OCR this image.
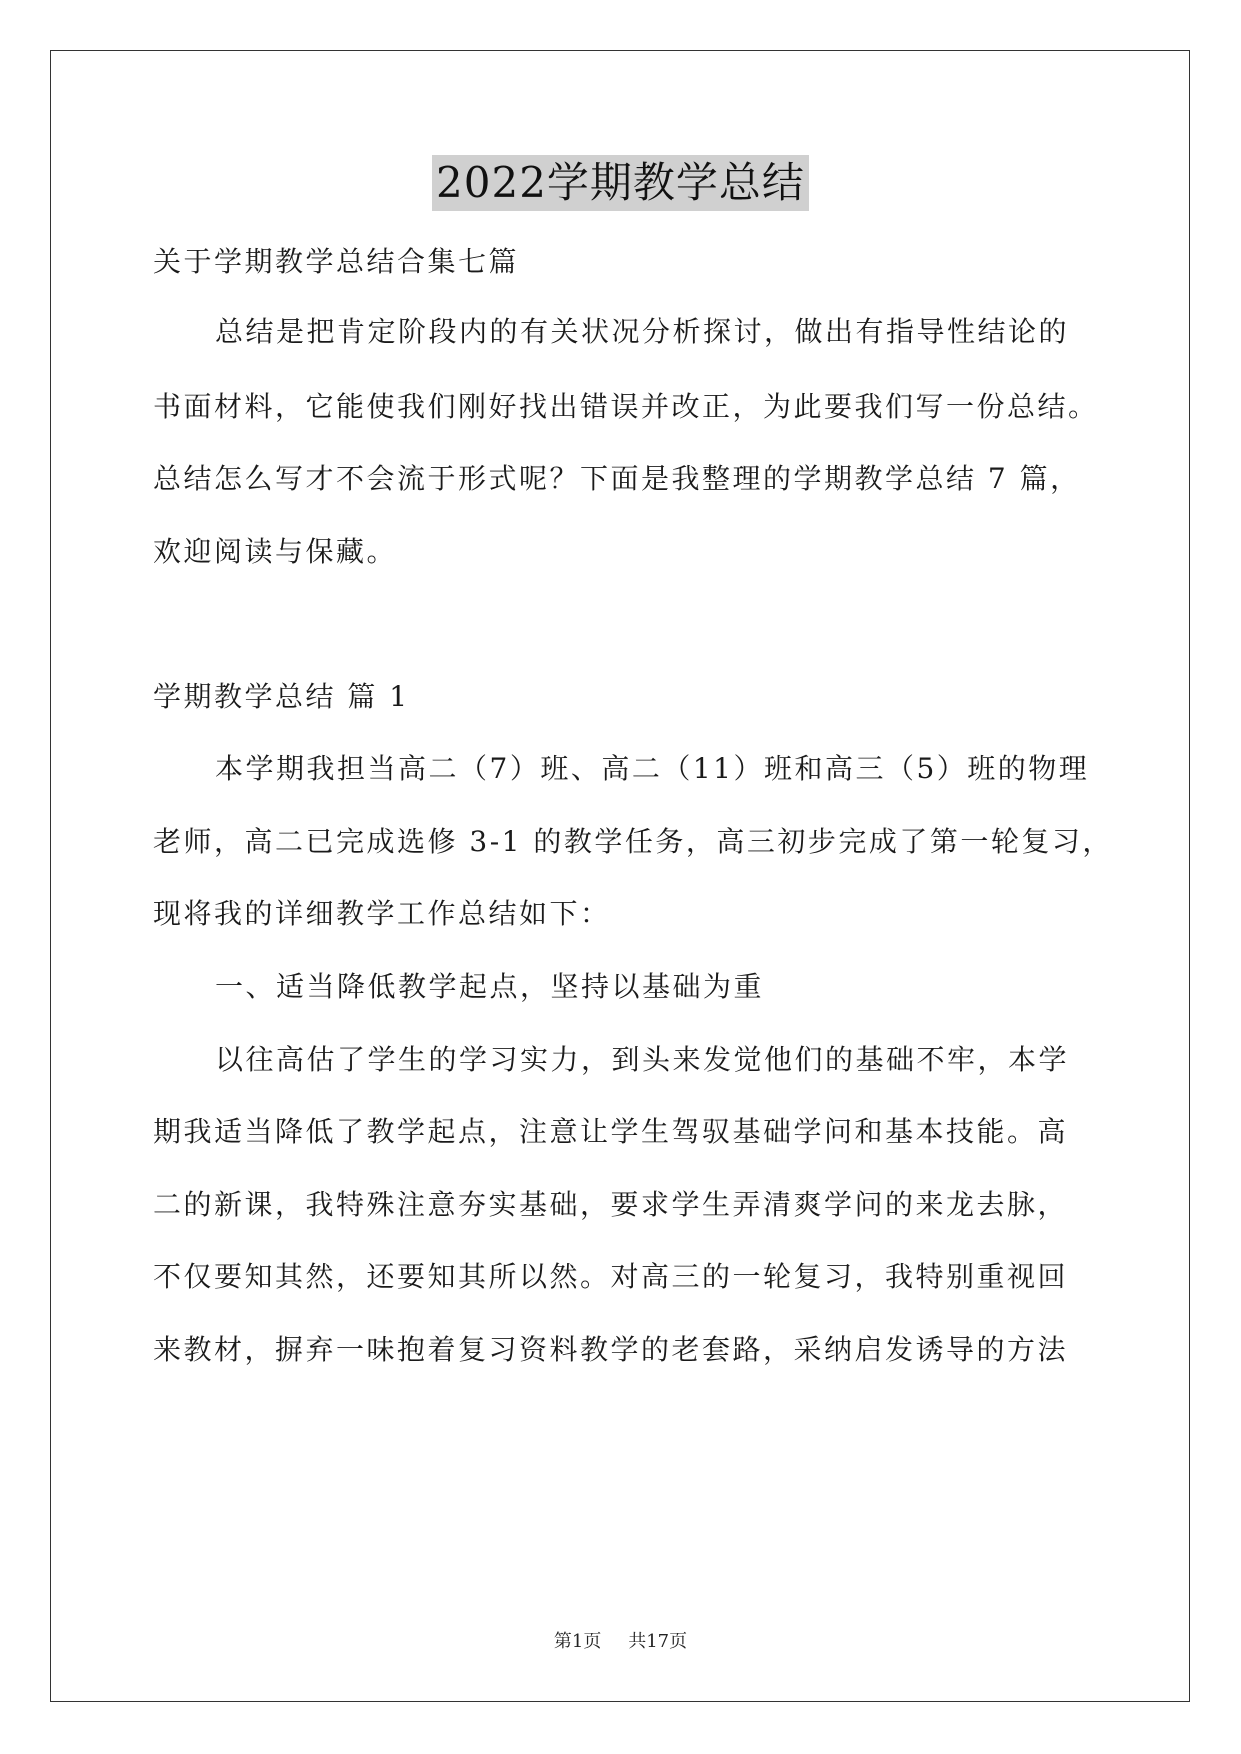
2022学期教学总结
关于学期教学总结合集七篇
总结是把肯定阶段内的有关状况分析探讨，做出有指导性结论的
书面材料，它能使我们刚好找出错误并改正，为此要我们写一份总结。
总结怎么写才不会流于形式呢？下面是我整理的学期教学总结 7 篇，
欢迎阅读与保藏。
学期教学总结 篇 1
本学期我担当高二（7）班、高二（11）班和高三（5）班的物理
老师，高二已完成选修 3-1 的教学任务，高三初步完成了第一轮复习，
现将我的详细教学工作总结如下：
一、适当降低教学起点，坚持以基础为重
以往高估了学生的学习实力，到头来发觉他们的基础不牢，本学
期我适当降低了教学起点，注意让学生驾驭基础学问和基本技能。高
二的新课，我特殊注意夯实基础，要求学生弄清爽学问的来龙去脉，
不仅要知其然，还要知其所以然。对高三的一轮复习，我特别重视回
来教材，摒弃一味抱着复习资料教学的老套路，采纳启发诱导的方法
第1页 共17页
